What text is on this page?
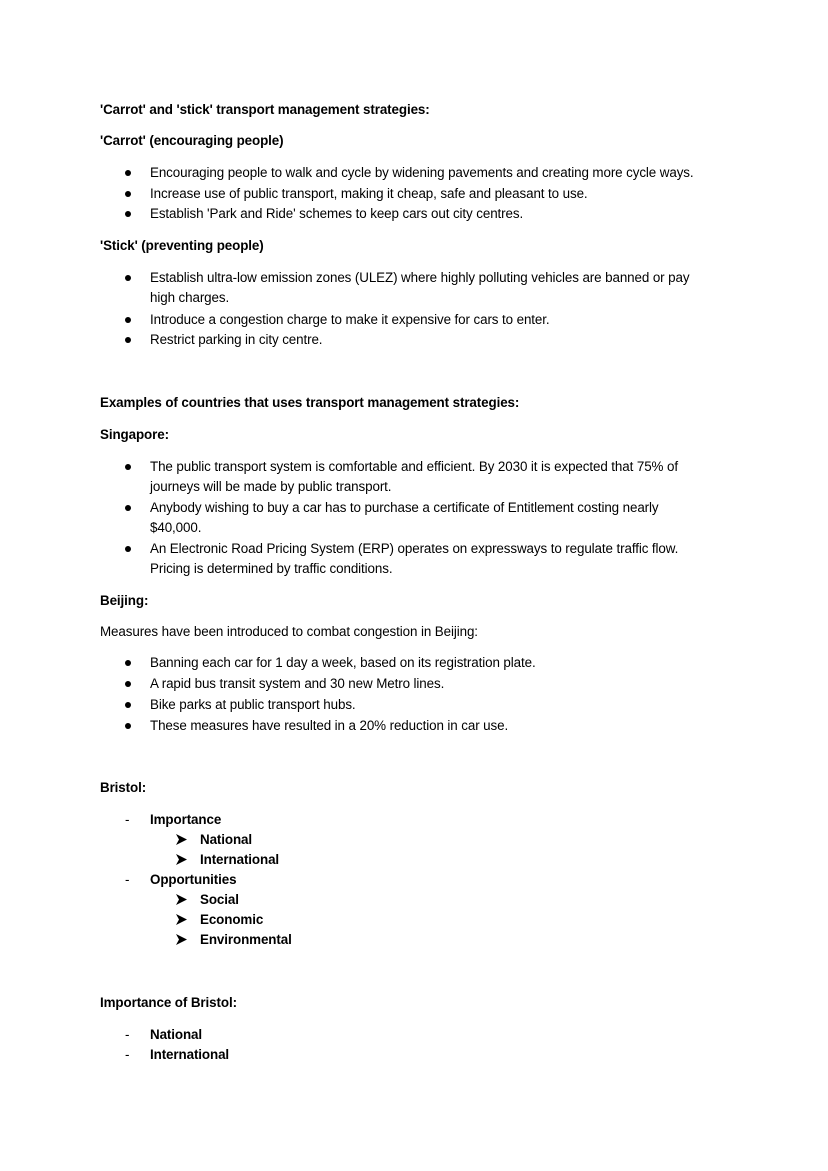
'Carrot' and 'stick' transport management strategies:
'Carrot' (encouraging people)
Encouraging people to walk and cycle by widening pavements and creating more cycle ways.
Increase use of public transport, making it cheap, safe and pleasant to use.
Establish 'Park and Ride' schemes to keep cars out city centres.
'Stick' (preventing people)
Establish ultra-low emission zones (ULEZ) where highly polluting vehicles are banned or pay
high charges.
Introduce a congestion charge to make it expensive for cars to enter.
Restrict parking in city centre.
Examples of countries that uses transport management strategies:
Singapore:
The public transport system is comfortable and efficient. By 2030 it is expected that 75% of
journeys will be made by public transport.
Anybody wishing to buy a car has to purchase a certificate of Entitlement costing nearly
$40,000.
An Electronic Road Pricing System (ERP) operates on expressways to regulate traffic flow.
Pricing is determined by traffic conditions.
Beijing:
Measures have been introduced to combat congestion in Beijing:
Banning each car for 1 day a week, based on its registration plate.
A rapid bus transit system and 30 new Metro lines.
Bike parks at public transport hubs.
These measures have resulted in a 20% reduction in car use.
Bristol:
- Importance
National
International
- Opportunities
Social
Economic
Environmental
Importance of Bristol:
- National
- International
